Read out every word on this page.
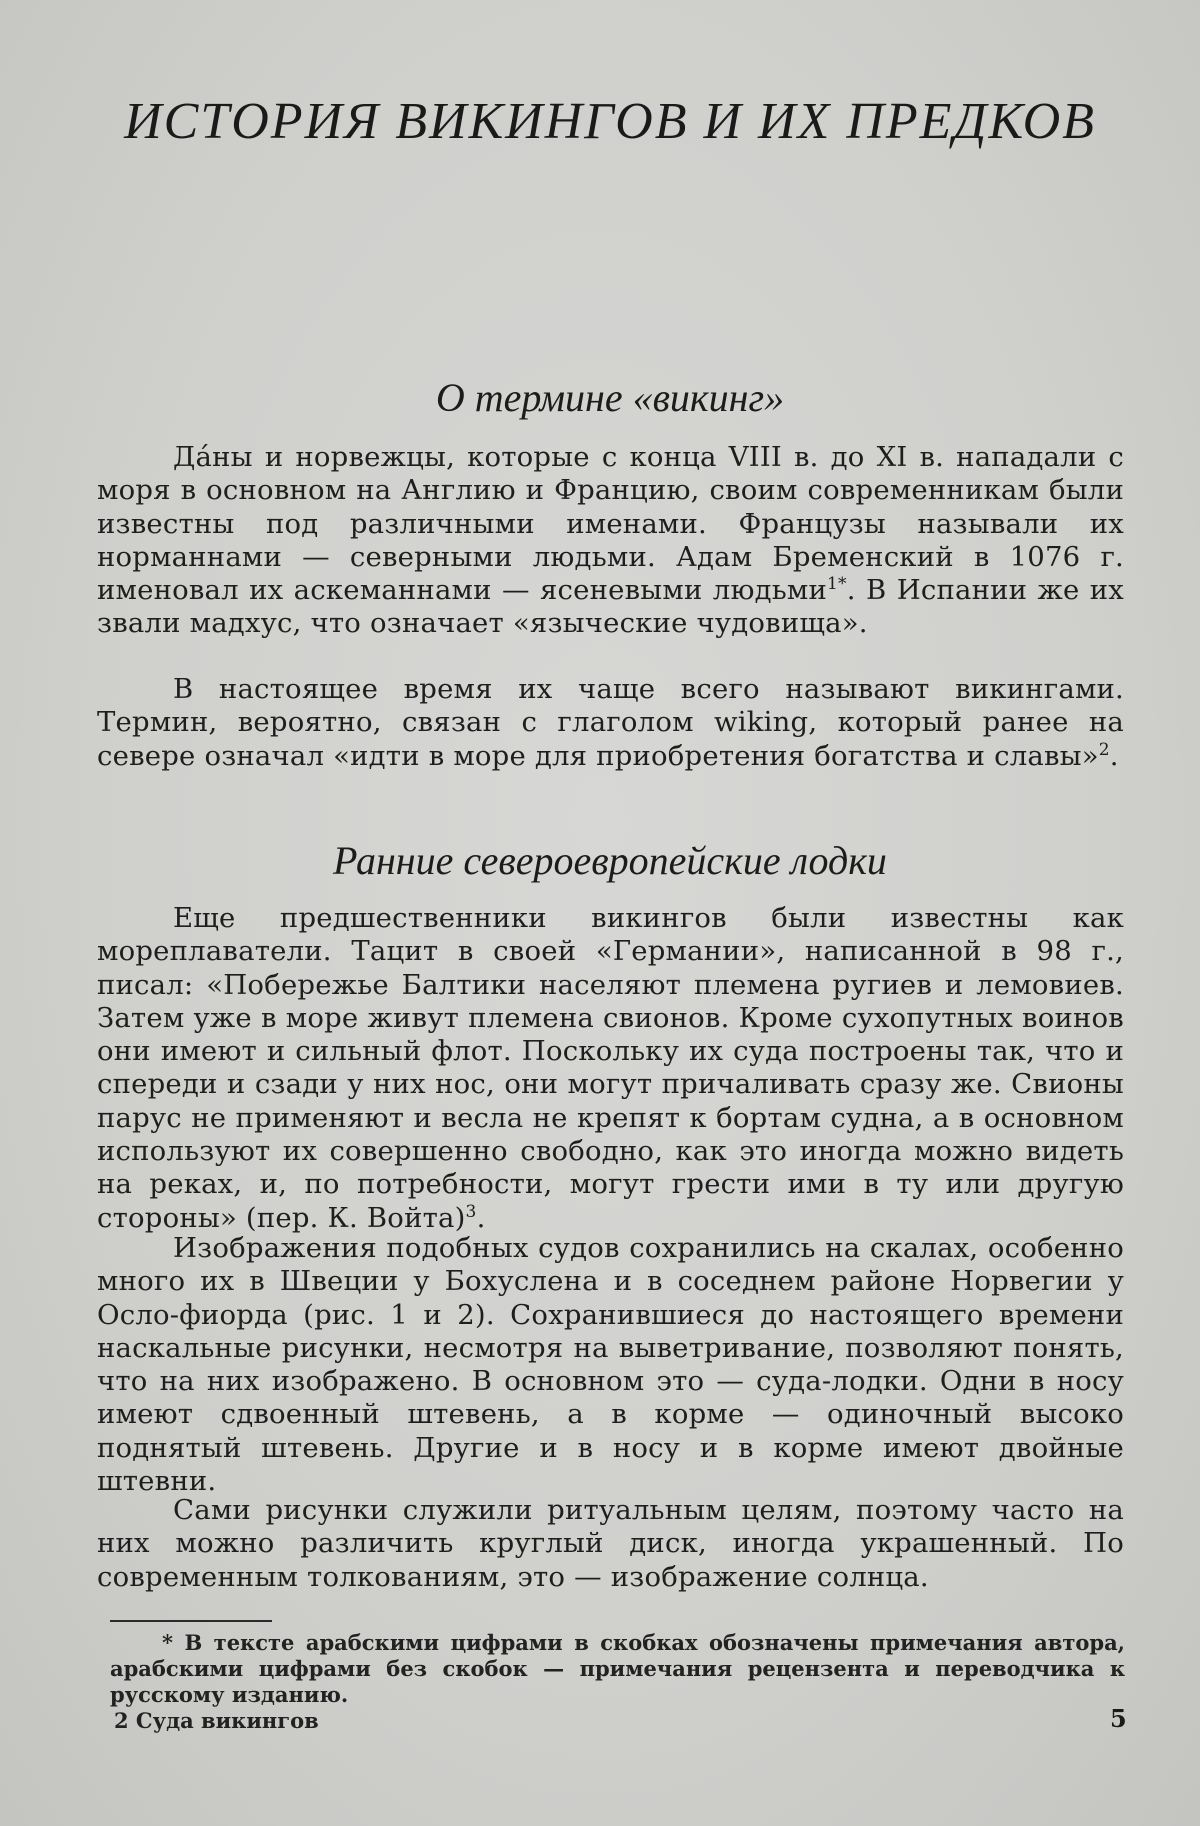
ИСТОРИЯ ВИКИНГОВ И ИХ ПРЕДКОВ
О термине «викинг»

Да́ны и норвежцы, которые с конца VIII в. до XI в. нападали с моря в основном на Англию и Францию, своим современникам были известны под различными именами. Французы называли их норманнами — северными людьми. Адам Бременский в 1076 г. именовал их аскеманнами — ясеневыми людьми1*. В Испании же их звали мадхус, что означает «языческие чудовища».

В настоящее время их чаще всего называют викингами. Термин, вероятно, связан с глаголом wiking, который ранее на севере означал «идти в море для приобретения богатства и славы»2.

Ранние североевропейские лодки

Еще предшественники викингов были известны как мореплаватели. Тацит в своей «Германии», написанной в 98 г., писал: «Побережье Балтики населяют племена ругиев и лемовиев. Затем уже в море живут племена свионов. Кроме сухопутных воинов они имеют и сильный флот. Поскольку их суда построены так, что и спереди и сзади у них нос, они могут причаливать сразу же. Свионы парус не применяют и весла не крепят к бортам судна, а в основном используют их совершенно свободно, как это иногда можно видеть на реках, и, по потребности, могут грести ими в ту или другую стороны» (пер. К. Войта)3.

Изображения подобных судов сохранились на скалах, особенно много их в Швеции у Бохуслена и в соседнем районе Норвегии у Осло-фиорда (рис. 1 и 2). Сохранившиеся до настоящего времени наскальные рисунки, несмотря на выветривание, позволяют понять, что на них изображено. В основном это — суда-лодки. Одни в носу имеют сдвоенный штевень, а в корме — одиночный высоко поднятый штевень. Другие и в носу и в корме имеют двойные штевни.

Сами рисунки служили ритуальным целям, поэтому часто на них можно различить круглый диск, иногда украшенный. По современным толкованиям, это — изображение солнца.

* В тексте арабскими цифрами в скобках обозначены примечания автора, арабскими цифрами без скобок — примечания рецензента и переводчика к русскому изданию.

2 Суда викингов	5
